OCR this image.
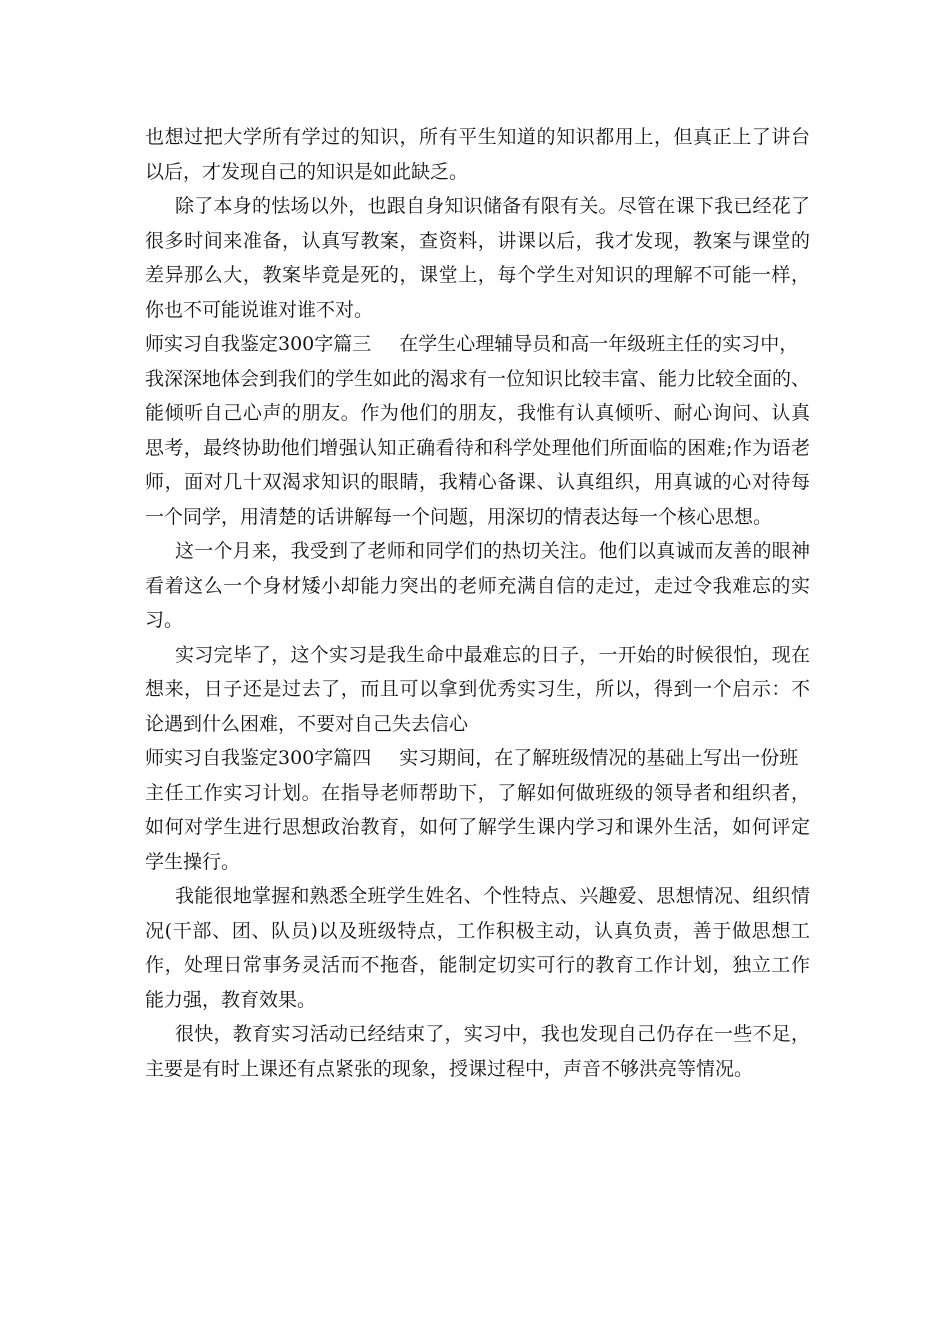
也想过把大学所有学过的知识，所有平生知道的知识都用上，但真正上了讲台
以后，才发现自己的知识是如此缺乏。
除了本身的怯场以外，也跟自身知识储备有限有关。尽管在课下我已经花了
很多时间来准备，认真写教案，查资料，讲课以后，我才发现，教案与课堂的
差异那么大，教案毕竟是死的，课堂上，每个学生对知识的理解不可能一样，
你也不可能说谁对谁不对。
师实习自我鉴定300字篇三 在学生心理辅导员和高一年级班主任的实习中，
我深深地体会到我们的学生如此的渴求有一位知识比较丰富、能力比较全面的、
能倾听自己心声的朋友。作为他们的朋友，我惟有认真倾听、耐心询问、认真
思考，最终协助他们增强认知正确看待和科学处理他们所面临的困难;作为语老
师，面对几十双渴求知识的眼睛，我精心备课、认真组织，用真诚的心对待每
一个同学，用清楚的话讲解每一个问题，用深切的情表达每一个核心思想。
这一个月来，我受到了老师和同学们的热切关注。他们以真诚而友善的眼神
看着这么一个身材矮小却能力突出的老师充满自信的走过，走过令我难忘的实
习。
实习完毕了，这个实习是我生命中最难忘的日子，一开始的时候很怕，现在
想来，日子还是过去了，而且可以拿到优秀实习生，所以，得到一个启示：不
论遇到什么困难，不要对自己失去信心
师实习自我鉴定300字篇四 实习期间，在了解班级情况的基础上写出一份班
主任工作实习计划。在指导老师帮助下，了解如何做班级的领导者和组织者，
如何对学生进行思想政治教育，如何了解学生课内学习和课外生活，如何评定
学生操行。
我能很地掌握和熟悉全班学生姓名、个性特点、兴趣爱、思想情况、组织情
况(干部、团、队员)以及班级特点，工作积极主动，认真负责，善于做思想工
作，处理日常事务灵活而不拖沓，能制定切实可行的教育工作计划，独立工作
能力强，教育效果。
很快，教育实习活动已经结束了，实习中，我也发现自己仍存在一些不足，
主要是有时上课还有点紧张的现象，授课过程中，声音不够洪亮等情况。
